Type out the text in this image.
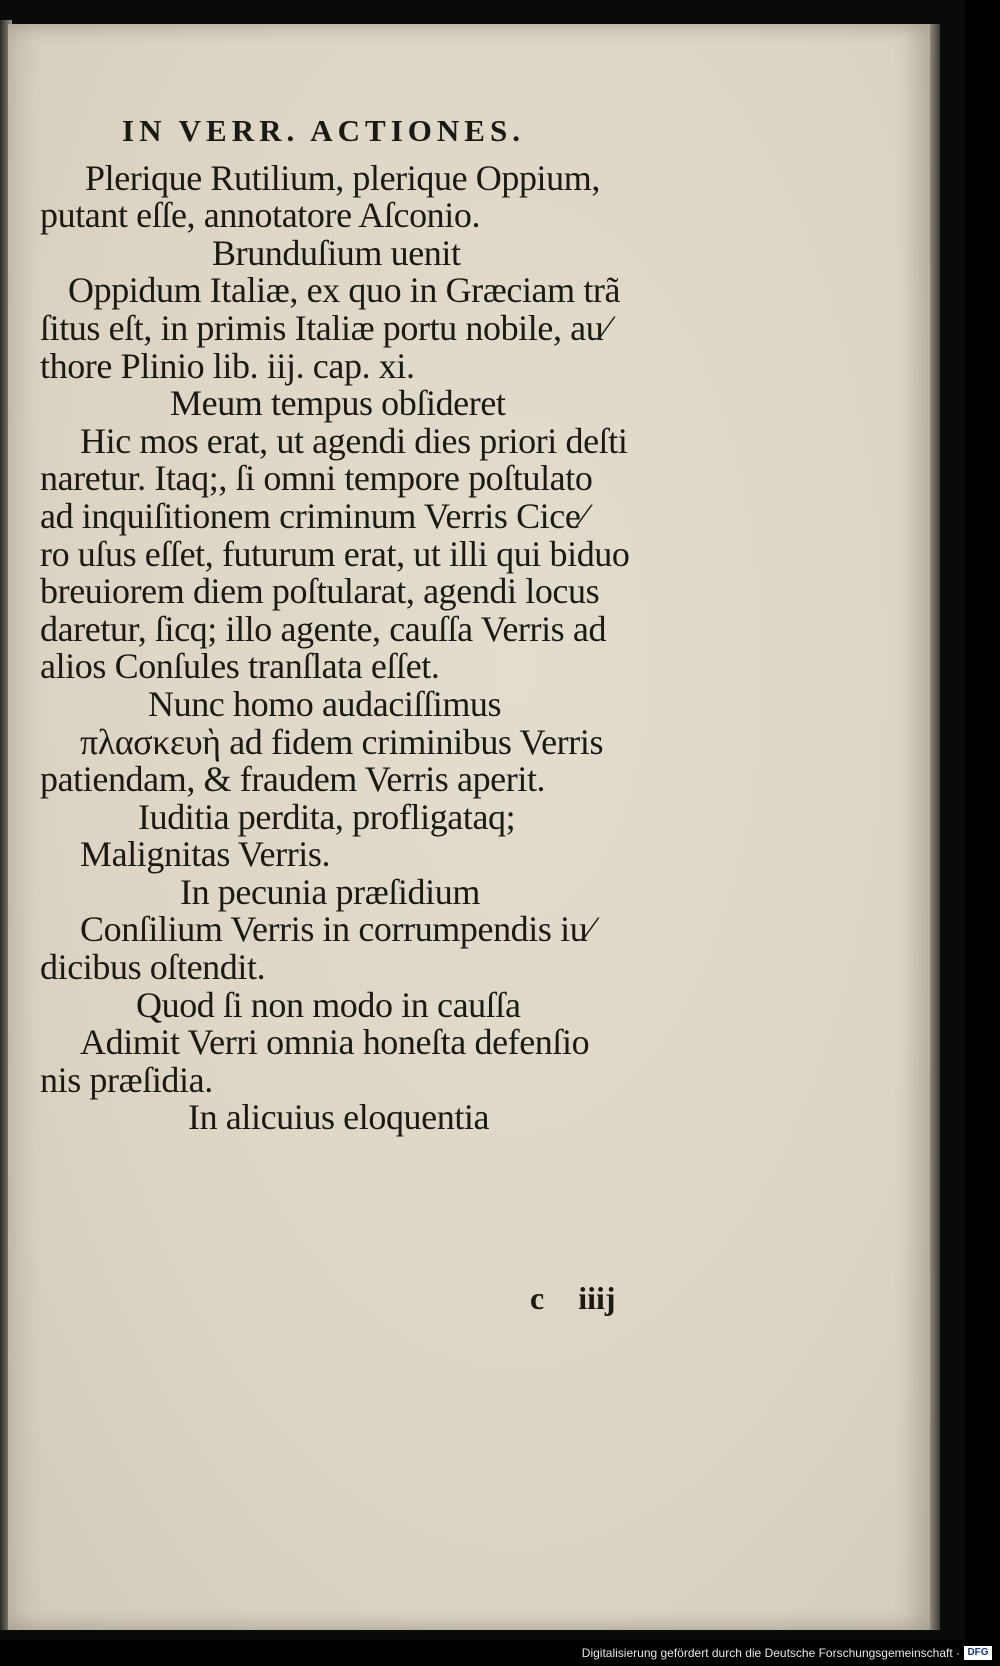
IN VERR. ACTIONES.
Plerique Rutilium, plerique Oppium,
putant eſſe, annotatore Aſconio.
Brunduſium uenit
Oppidum Italiæ, ex quo in Græciam trã
ſitus eſt, in primis Italiæ portu nobile, au⁄
thore Plinio lib. iij. cap. xi.
Meum tempus obſideret
Hic mos erat, ut agendi dies priori deſti
naretur. Itaq;, ſi omni tempore poſtulato
ad inquiſitionem criminum Verris Cice⁄
ro uſus eſſet, futurum erat, ut illi qui biduo
breuiorem diem poſtularat, agendi locus
daretur, ſicq; illo agente, cauſſa Verris ad
alios Conſules tranſlata eſſet.
Nunc homo audaciſſimus
πλασκευὴ ad fidem criminibus Verris
patiendam, & fraudem Verris aperit.
Iuditia perdita, profligataq;
Malignitas Verris.
In pecunia præſidium
Conſilium Verris in corrumpendis iu⁄
dicibus oſtendit.
Quod ſi non modo in cauſſa
Adimit Verri omnia honeſta defenſio
nis præſidia.
In alicuius eloquentia
c iiij
Digitalisierung gefördert durch die Deutsche Forschungsgemeinschaft · DFG
